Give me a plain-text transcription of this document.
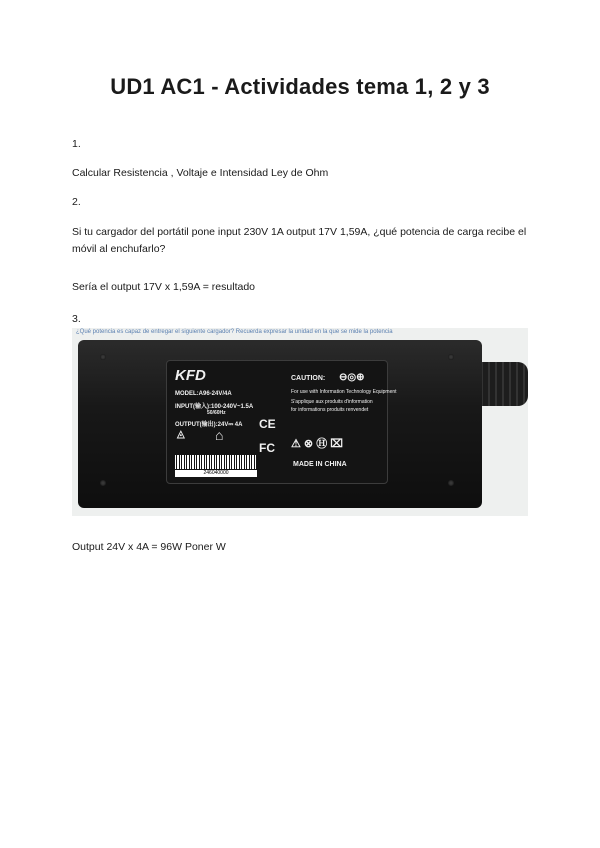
UD1 AC1 - Actividades tema 1, 2 y 3
1.
Calcular Resistencia , Voltaje e Intensidad Ley de Ohm
2.
Si tu cargador del portátil pone input 230V 1A output 17V 1,59A, ¿qué potencia de carga recibe el móvil al enchufarlo?
Sería el output 17V x 1,59A = resultado
3.
¿Qué potencia es capaz de entregar el siguiente cargador? Recuerda expresar la unidad en la que se mide la potencia
KFD
MODEL:A96-24V/4A
INPUT(输入):100-240V~1.5A
50/60Hz
OUTPUT(输出):24V⎓ 4A
◬ ⌂
246040000
CAUTION: ⊖◎⊕
For use with Information Technology Equipment
S'applique aux produits d'information
for informations produits renvendet
CE
FC ⚠ ⊗ Ⓗ ⌧
MADE IN CHINA
Output 24V x 4A = 96W Poner W
